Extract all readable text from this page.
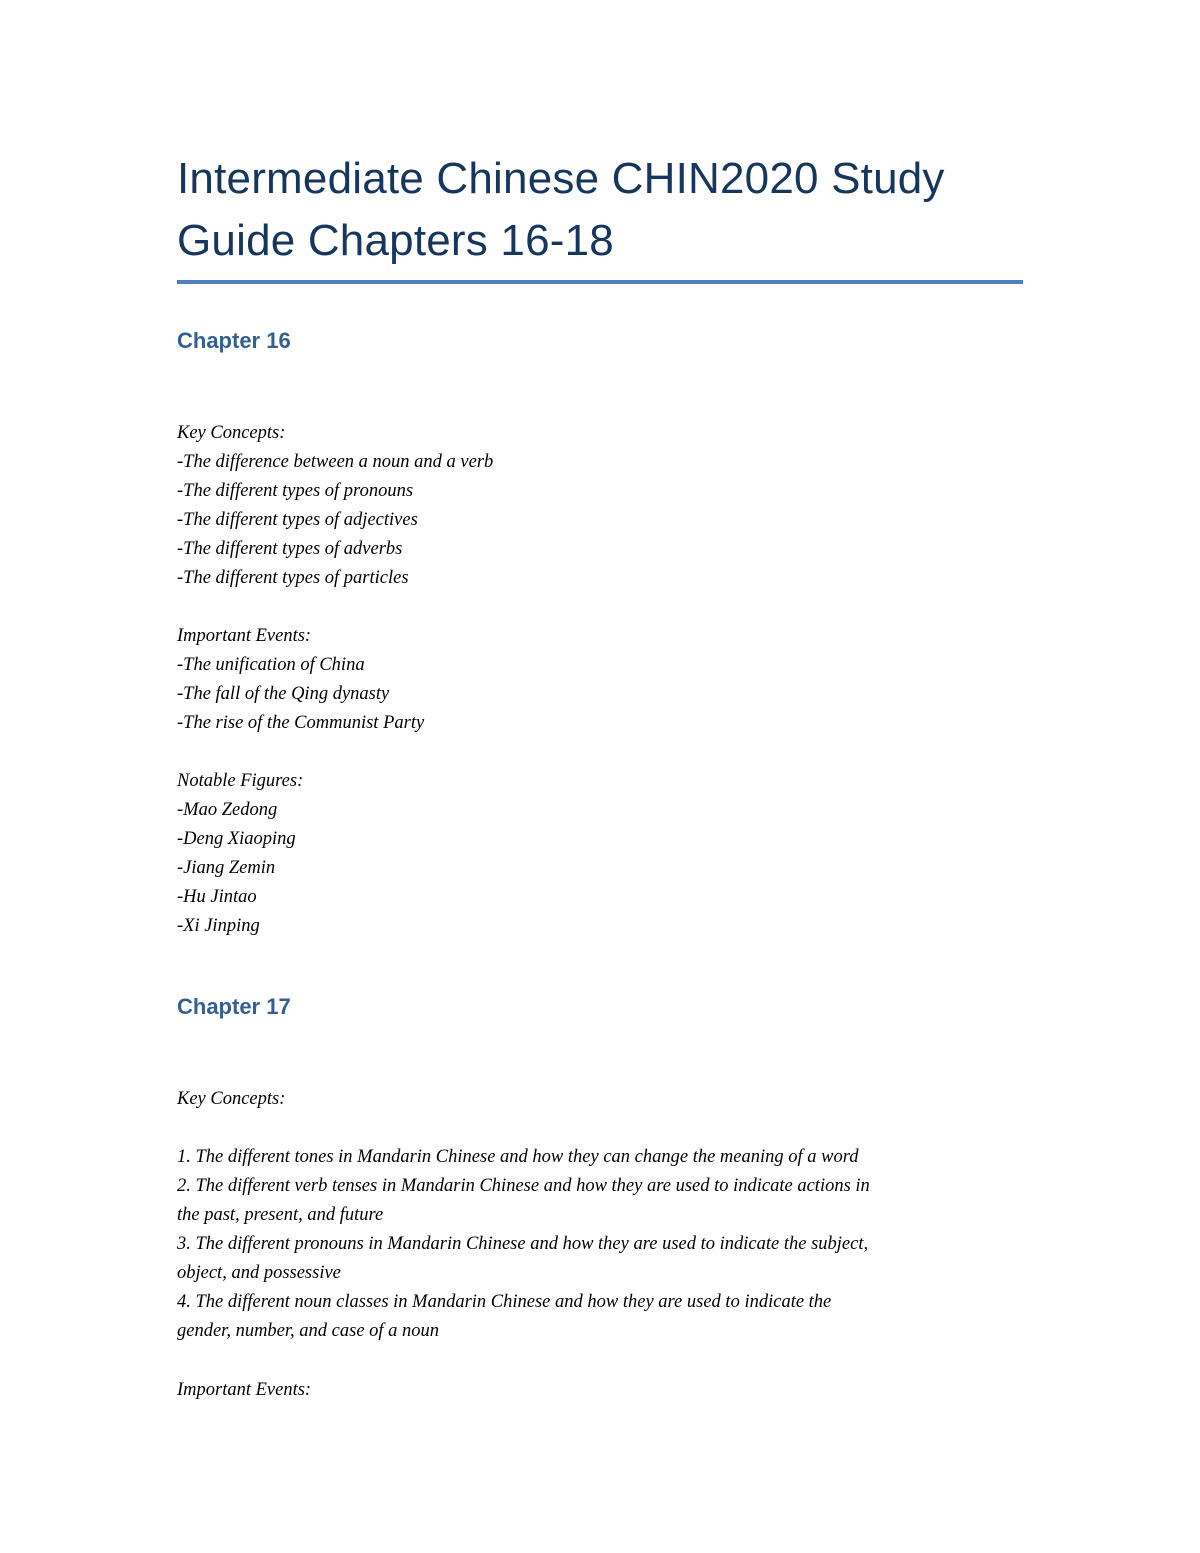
Intermediate Chinese CHIN2020 Study
Guide Chapters 16-18
Chapter 16

Key Concepts:
-The difference between a noun and a verb
-The different types of pronouns
-The different types of adjectives
-The different types of adverbs
-The different types of particles

Important Events:
-The unification of China
-The fall of the Qing dynasty
-The rise of the Communist Party

Notable Figures:
-Mao Zedong
-Deng Xiaoping
-Jiang Zemin
-Hu Jintao
-Xi Jinping

Chapter 17

Key Concepts:

1. The different tones in Mandarin Chinese and how they can change the meaning of a word
2. The different verb tenses in Mandarin Chinese and how they are used to indicate actions in
the past, present, and future
3. The different pronouns in Mandarin Chinese and how they are used to indicate the subject,
object, and possessive
4. The different noun classes in Mandarin Chinese and how they are used to indicate the
gender, number, and case of a noun

Important Events:
